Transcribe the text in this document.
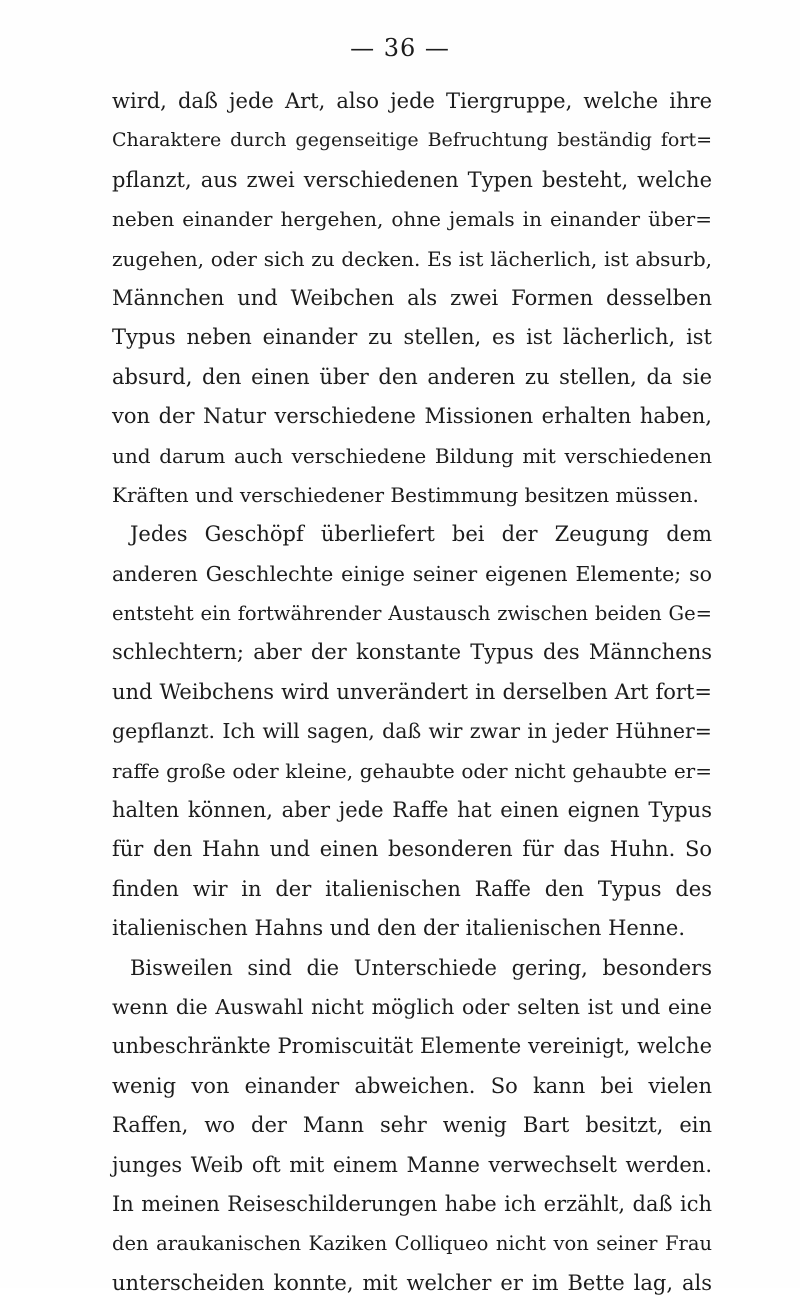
— 36 —
wird, daß jede Art, also jede Tiergruppe, welche ihre
Charaktere durch gegenseitige Befruchtung beständig fort=
pflanzt, aus zwei verschiedenen Typen besteht, welche
neben einander hergehen, ohne jemals in einander über=
zugehen, oder sich zu decken. Es ist lächerlich, ist absurb,
Männchen und Weibchen als zwei Formen desselben
Typus neben einander zu stellen, es ist lächerlich, ist
absurd, den einen über den anderen zu stellen, da sie
von der Natur verschiedene Missionen erhalten haben,
und darum auch verschiedene Bildung mit verschiedenen
Kräften und verschiedener Bestimmung besitzen müssen.
Jedes Geschöpf überliefert bei der Zeugung dem
anderen Geschlechte einige seiner eigenen Elemente; so
entsteht ein fortwährender Austausch zwischen beiden Ge=
schlechtern; aber der konstante Typus des Männchens
und Weibchens wird unverändert in derselben Art fort=
gepflanzt. Ich will sagen, daß wir zwar in jeder Hühner=
raffe große oder kleine, gehaubte oder nicht gehaubte er=
halten können, aber jede Raffe hat einen eignen Typus
für den Hahn und einen besonderen für das Huhn. So
finden wir in der italienischen Raffe den Typus des
italienischen Hahns und den der italienischen Henne.
Bisweilen sind die Unterschiede gering, besonders
wenn die Auswahl nicht möglich oder selten ist und eine
unbeschränkte Promiscuität Elemente vereinigt, welche
wenig von einander abweichen. So kann bei vielen
Raffen, wo der Mann sehr wenig Bart besitzt, ein
junges Weib oft mit einem Manne verwechselt werden.
In meinen Reiseschilderungen habe ich erzählt, daß ich
den araukanischen Kaziken Colliqueo nicht von seiner Frau
unterscheiden konnte, mit welcher er im Bette lag, als
